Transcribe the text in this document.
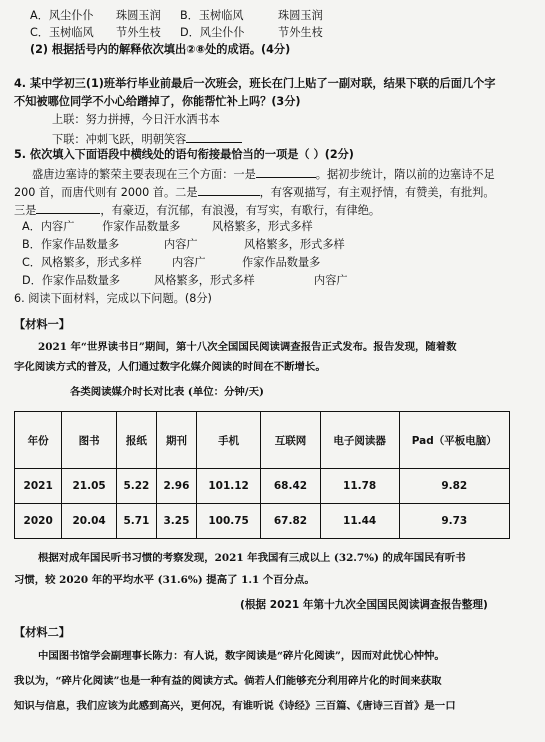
A．风尘仆仆 珠圆玉润 B．玉树临风	珠圆玉润
C．玉树临风 节外生枝 D．风尘仆仆	节外生枝
(2) 根据括号内的解释依次填出②⑧处的成语。(4分)
4. 某中学初三(1)班举行毕业前最后一次班会，班长在门上贴了一副对联，结果下联的后面几个字
不知被哪位同学不小心给蹭掉了，你能帮忙补上吗？(3分)
上联：努力拼搏，今日汗水洒书本
下联：冲刺飞跃，明朝笑容
5. 依次填入下面语段中横线处的语句衔接最恰当的一项是（ ）(2分)
盛唐边塞诗的繁荣主要表现在三个方面：一是	。据初步统计，隋以前的边塞诗不足
200 首，而唐代则有 2000 首。二是	，有客观描写，有主观抒情，有赞美，有批判。
三是	，有豪迈，有沉郁，有浪漫，有写实，有歌行，有律绝。
A．内容广 作家作品数量多	风格繁多，形式多样
B．作家作品数量多	内容广	风格繁多，形式多样
C．风格繁多，形式多样	内容广	作家作品数量多
D．作家作品数量多	风格繁多，形式多样	内容广
6. 阅读下面材料，完成以下问题。(8分)
【材料一】
2021 年“世界读书日”期间，第十八次全国国民阅读调查报告正式发布。报告发现，随着数
字化阅读方式的普及，人们通过数字化媒介阅读的时间在不断增长。
各类阅读媒介时长对比表 (单位：分钟/天)
年份	图书	报纸	期刊	手机	互联网	电子阅读器	Pad（平板电脑）
2021	21.05	5.22	2.96	101.12	68.42	11.78	9.82
2020	20.04	5.71	3.25	100.75	67.82	11.44	9.73
根据对成年国民听书习惯的考察发现，2021 年我国有三成以上 (32.7%) 的成年国民有听书
习惯，较 2020 年的平均水平 (31.6%) 提高了 1.1 个百分点。
(根据 2021 年第十九次全国国民阅读调查报告整理)
【材料二】
中国图书馆学会副理事长陈力：有人说，数字阅读是“碎片化阅读”，因而对此忧心忡忡。
我以为，“碎片化阅读”也是一种有益的阅读方式。倘若人们能够充分利用碎片化的时间来获取
知识与信息，我们应该为此感到高兴，更何况，有谁听说《诗经》三百篇、《唐诗三百首》是一口
